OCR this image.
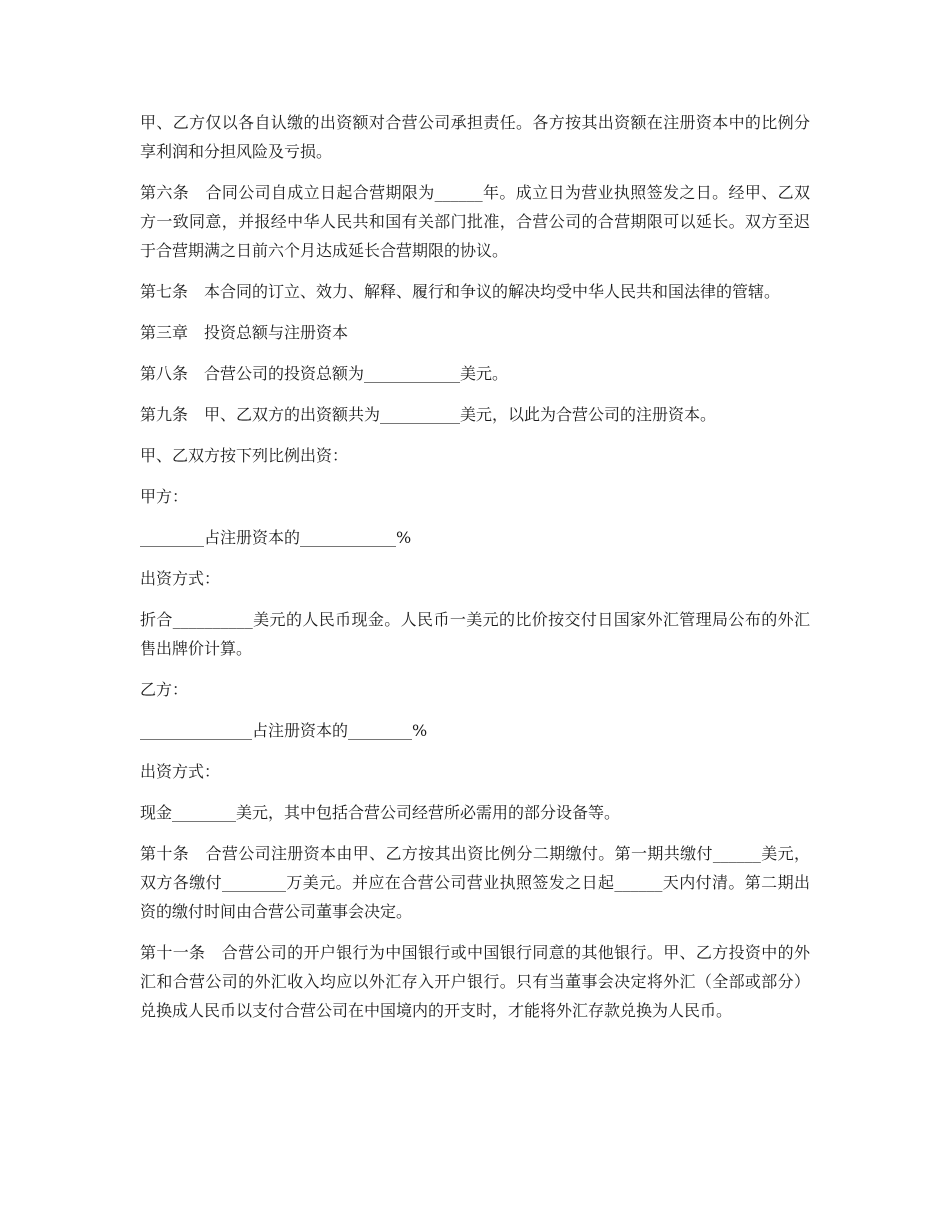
甲、乙方仅以各自认缴的出资额对合营公司承担责任。各方按其出资额在注册资本中的比例分享利润和分担风险及亏损。

第六条　合同公司自成立日起合营期限为______年。成立日为营业执照签发之日。经甲、乙双方一致同意，并报经中华人民共和国有关部门批准，合营公司的合营期限可以延长。双方至迟于合营期满之日前六个月达成延长合营期限的协议。

第七条　本合同的订立、效力、解释、履行和争议的解决均受中华人民共和国法律的管辖。

第三章　投资总额与注册资本

第八条　合营公司的投资总额为____________美元。

第九条　甲、乙双方的出资额共为__________美元，以此为合营公司的注册资本。

甲、乙双方按下列比例出资：

甲方：

________占注册资本的____________%

出资方式：

折合__________美元的人民币现金。人民币一美元的比价按交付日国家外汇管理局公布的外汇售出牌价计算。

乙方：

______________占注册资本的________%

出资方式：

现金________美元，其中包括合营公司经营所必需用的部分设备等。

第十条　合营公司注册资本由甲、乙方按其出资比例分二期缴付。第一期共缴付______美元，双方各缴付________万美元。并应在合营公司营业执照签发之日起______天内付清。第二期出资的缴付时间由合营公司董事会决定。

第十一条　合营公司的开户银行为中国银行或中国银行同意的其他银行。甲、乙方投资中的外汇和合营公司的外汇收入均应以外汇存入开户银行。只有当董事会决定将外汇（全部或部分）兑换成人民币以支付合营公司在中国境内的开支时，才能将外汇存款兑换为人民币。
